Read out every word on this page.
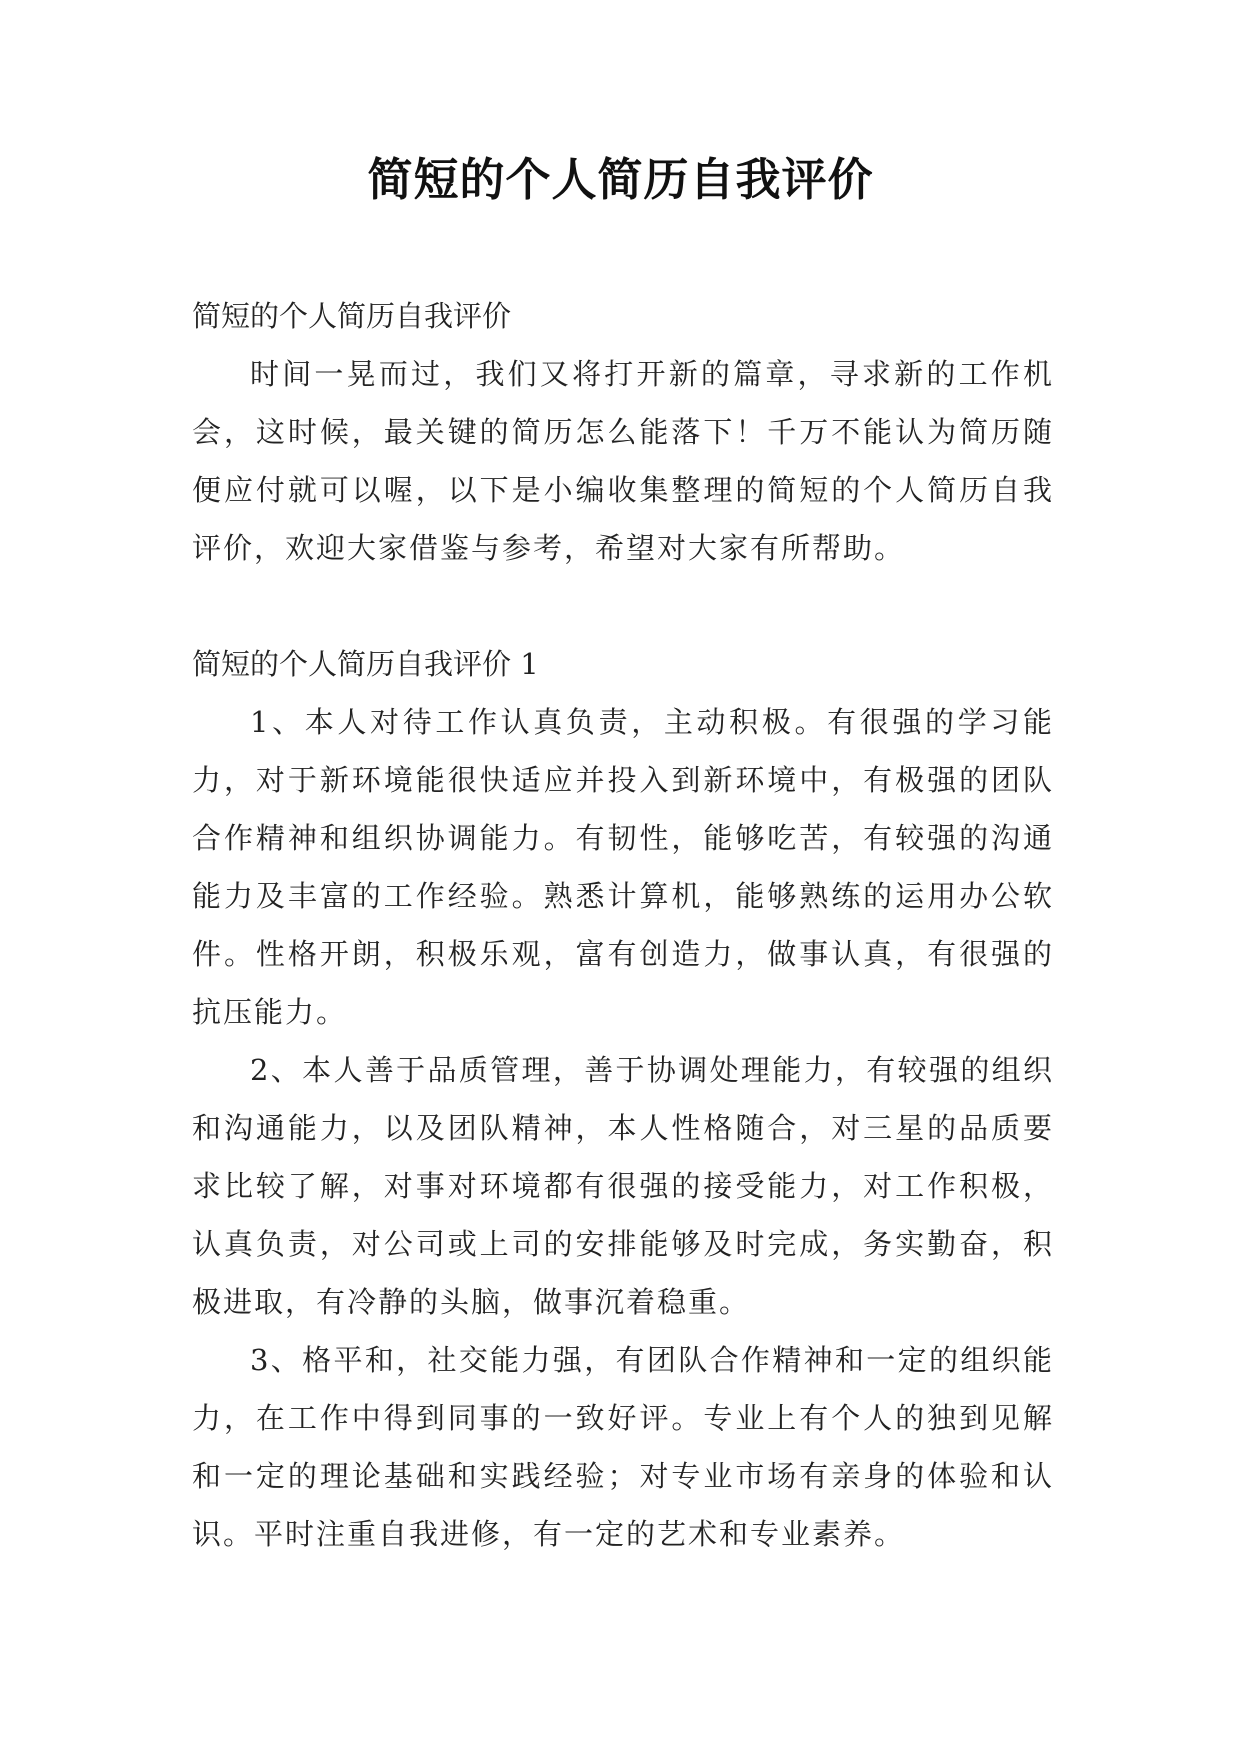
简短的个人简历自我评价

简短的个人简历自我评价

时间一晃而过，我们又将打开新的篇章，寻求新的工作机会，这时候，最关键的简历怎么能落下！千万不能认为简历随便应付就可以喔，以下是小编收集整理的简短的个人简历自我评价，欢迎大家借鉴与参考，希望对大家有所帮助。

简短的个人简历自我评价 1

1、本人对待工作认真负责，主动积极。有很强的学习能力，对于新环境能很快适应并投入到新环境中，有极强的团队合作精神和组织协调能力。有韧性，能够吃苦，有较强的沟通能力及丰富的工作经验。熟悉计算机，能够熟练的运用办公软件。性格开朗，积极乐观，富有创造力，做事认真，有很强的抗压能力。

2、本人善于品质管理，善于协调处理能力，有较强的组织和沟通能力，以及团队精神，本人性格随合，对三星的品质要求比较了解，对事对环境都有很强的接受能力，对工作积极，认真负责，对公司或上司的安排能够及时完成，务实勤奋，积极进取，有冷静的头脑，做事沉着稳重。

3、格平和，社交能力强，有团队合作精神和一定的组织能力，在工作中得到同事的一致好评。专业上有个人的独到见解和一定的理论基础和实践经验；对专业市场有亲身的体验和认识。平时注重自我进修，有一定的艺术和专业素养。
